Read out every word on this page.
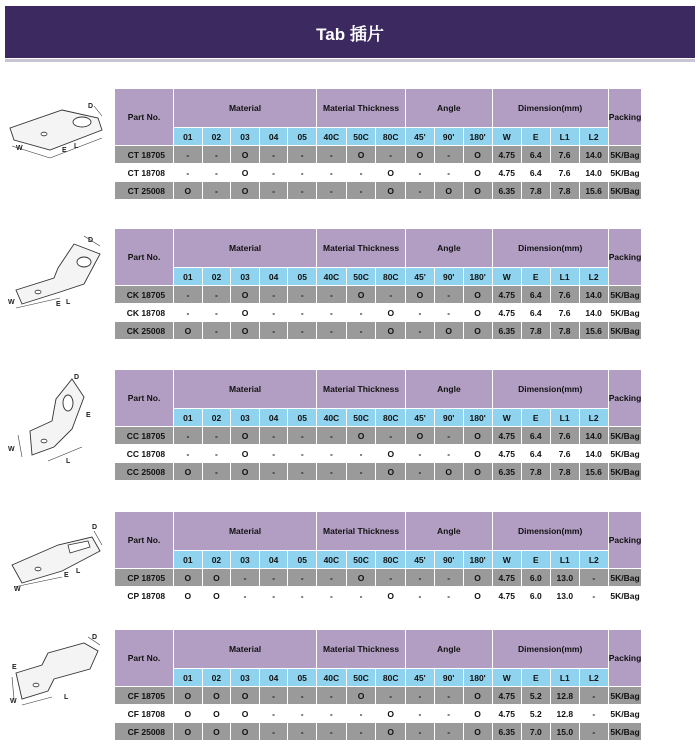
Tab 插片
D
E
L
W
Part No.	Material					Material Thickness			Angle			Dimension(mm)				Packing
	01	02	03	04	05	40C	50C	80C	45'	90'	180'	W	E	L1	L2	
CT 18705	-	-	O	-	-	-	O	-	O	-	O	4.75	6.4	7.6	14.0	5K/Bag
CT 18708	-	-	O	-	-	-	-	O	-	-	O	4.75	6.4	7.6	14.0	5K/Bag
CT 25008	O	-	O	-	-	-	-	O	-	O	O	6.35	7.8	7.8	15.6	5K/Bag
D
E L
W
Part No.	Material					Material Thickness			Angle			Dimension(mm)				Packing
	01	02	03	04	05	40C	50C	80C	45'	90'	180'	W	E	L1	L2	
CK 18705	-	-	O	-	-	-	O	-	O	-	O	4.75	6.4	7.6	14.0	5K/Bag
CK 18708	-	-	O	-	-	-	-	O	-	-	O	4.75	6.4	7.6	14.0	5K/Bag
CK 25008	O	-	O	-	-	-	-	O	-	O	O	6.35	7.8	7.8	15.6	5K/Bag
D
E
L
W
Part No.	Material					Material Thickness			Angle			Dimension(mm)				Packing
	01	02	03	04	05	40C	50C	80C	45'	90'	180'	W	E	L1	L2	
CC 18705	-	-	O	-	-	-	O	-	O	-	O	4.75	6.4	7.6	14.0	5K/Bag
CC 18708	-	-	O	-	-	-	-	O	-	-	O	4.75	6.4	7.6	14.0	5K/Bag
CC 25008	O	-	O	-	-	-	-	O	-	O	O	6.35	7.8	7.8	15.6	5K/Bag
D
E
L
W
Part No.	Material					Material Thickness			Angle			Dimension(mm)				Packing
	01	02	03	04	05	40C	50C	80C	45'	90'	180'	W	E	L1	L2	
CP 18705	O	O	-	-	-	-	O	-	-	-	O	4.75	6.0	13.0	-	5K/Bag
CP 18708	O	O	-	-	-	-	-	O	-	-	O	4.75	6.0	13.0	-	5K/Bag
D
E
L
W
Part No.	Material					Material Thickness			Angle			Dimension(mm)				Packing
	01	02	03	04	05	40C	50C	80C	45'	90'	180'	W	E	L1	L2	
CF 18705	O	O	O	-	-	-	O	-	-	-	O	4.75	5.2	12.8	-	5K/Bag
CF 18708	O	O	O	-	-	-	-	O	-	-	O	4.75	5.2	12.8	-	5K/Bag
CF 25008	O	O	O	-	-	-	-	O	-	-	O	6.35	7.0	15.0	-	5K/Bag
